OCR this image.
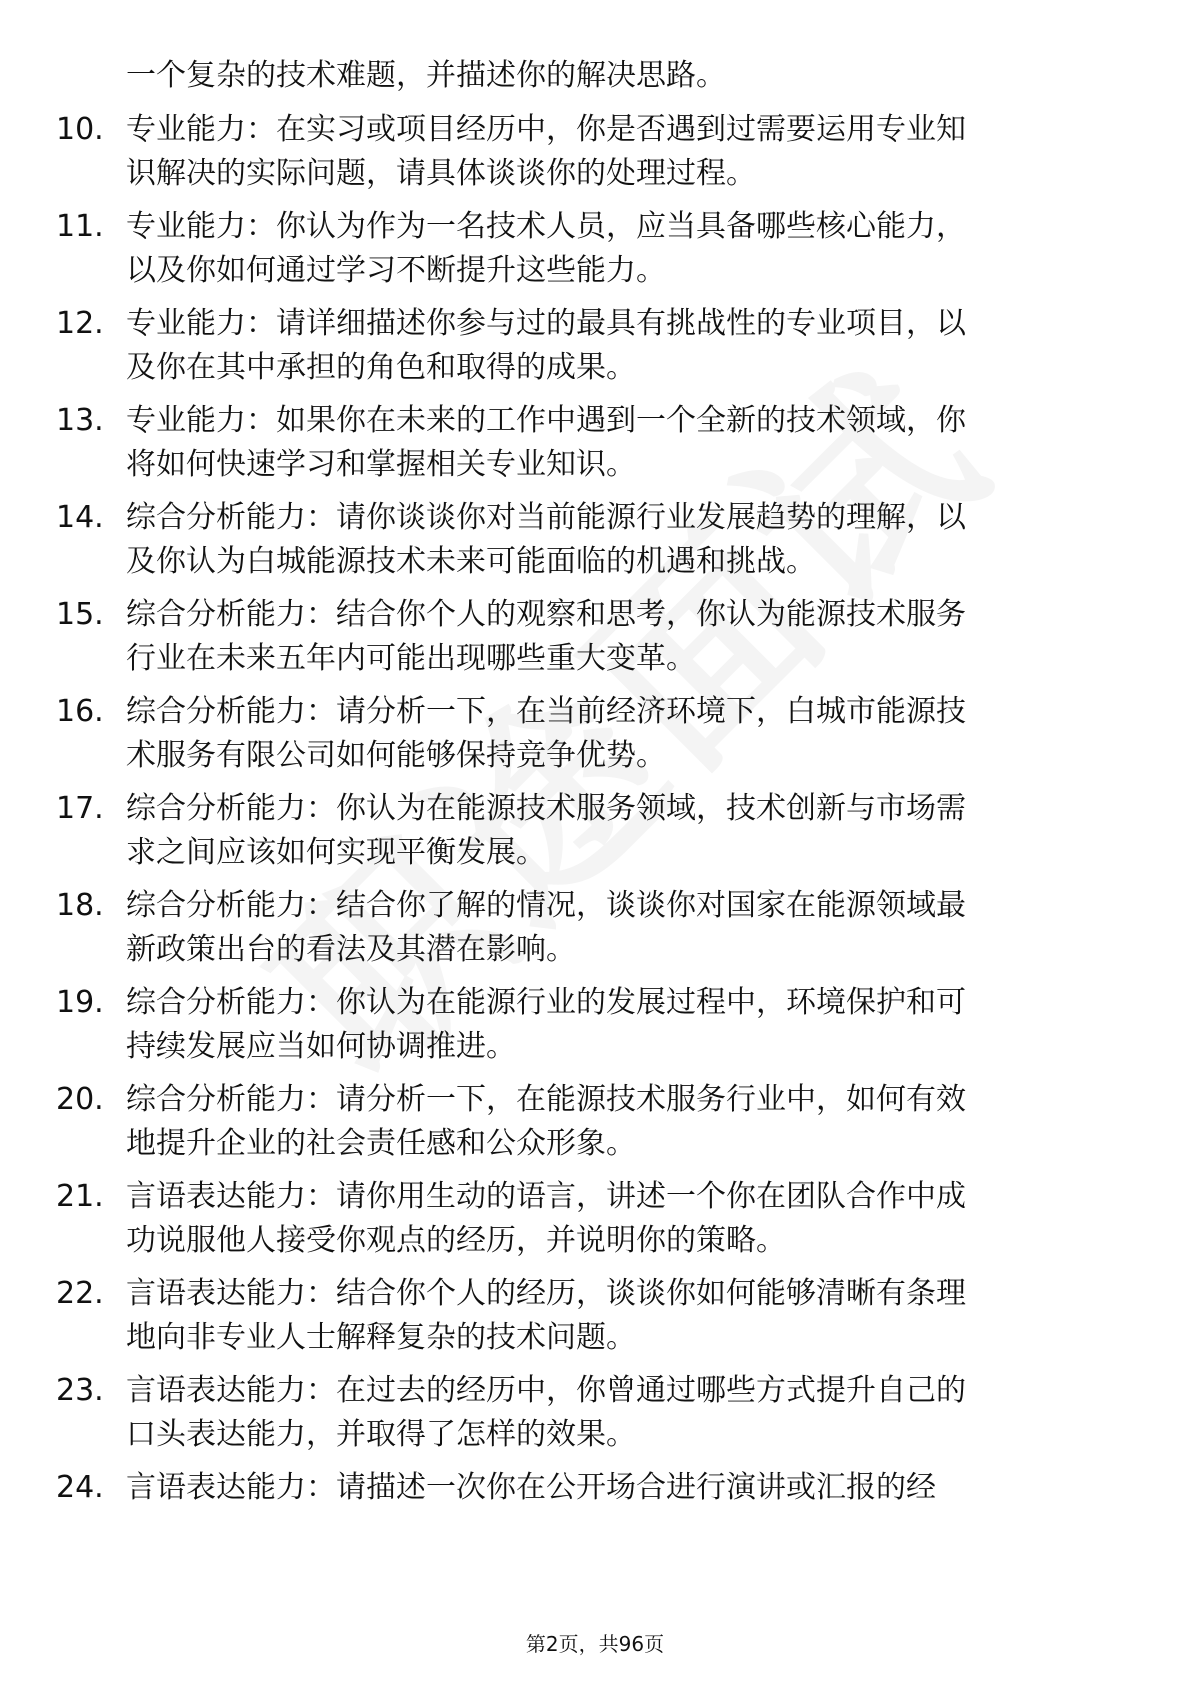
一个复杂的技术难题，并描述你的解决思路。
10. 专业能力：在实习或项目经历中，你是否遇到过需要运用专业知
识解决的实际问题，请具体谈谈你的处理过程。
11. 专业能力：你认为作为一名技术人员，应当具备哪些核心能力，
以及你如何通过学习不断提升这些能力。
12. 专业能力：请详细描述你参与过的最具有挑战性的专业项目，以
及你在其中承担的角色和取得的成果。
13. 专业能力：如果你在未来的工作中遇到一个全新的技术领域，你
将如何快速学习和掌握相关专业知识。
14. 综合分析能力：请你谈谈你对当前能源行业发展趋势的理解，以
及你认为白城能源技术未来可能面临的机遇和挑战。
15. 综合分析能力：结合你个人的观察和思考，你认为能源技术服务
行业在未来五年内可能出现哪些重大变革。
16. 综合分析能力：请分析一下，在当前经济环境下，白城市能源技
术服务有限公司如何能够保持竞争优势。
17. 综合分析能力：你认为在能源技术服务领域，技术创新与市场需
求之间应该如何实现平衡发展。
18. 综合分析能力：结合你了解的情况，谈谈你对国家在能源领域最
新政策出台的看法及其潜在影响。
19. 综合分析能力：你认为在能源行业的发展过程中，环境保护和可
持续发展应当如何协调推进。
20. 综合分析能力：请分析一下，在能源技术服务行业中，如何有效
地提升企业的社会责任感和公众形象。
21. 言语表达能力：请你用生动的语言，讲述一个你在团队合作中成
功说服他人接受你观点的经历，并说明你的策略。
22. 言语表达能力：结合你个人的经历，谈谈你如何能够清晰有条理
地向非专业人士解释复杂的技术问题。
23. 言语表达能力：在过去的经历中，你曾通过哪些方式提升自己的
口头表达能力，并取得了怎样的效果。
24. 言语表达能力：请描述一次你在公开场合进行演讲或汇报的经
第2页，共96页
